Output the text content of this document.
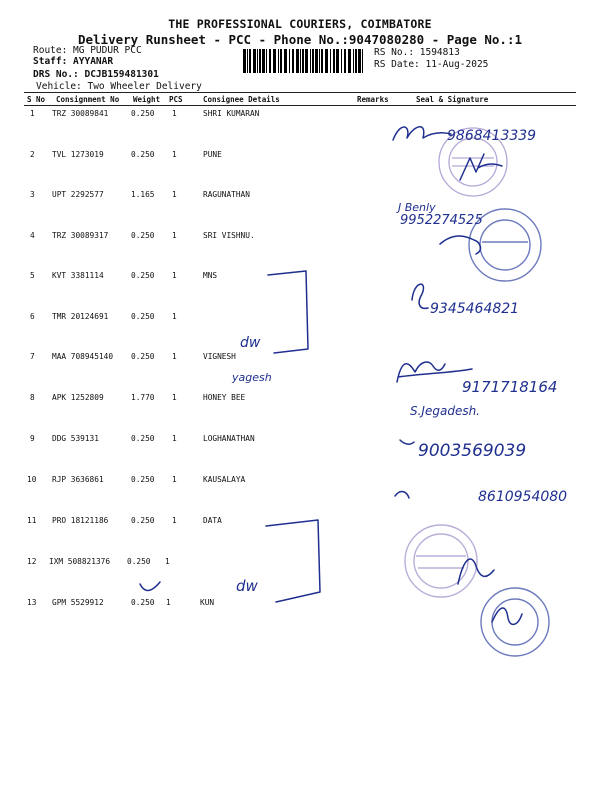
THE PROFESSIONAL COURIERS, COIMBATORE
Delivery Runsheet - PCC - Phone No.:9047080280 - Page No.:1
Route: MG PUDUR PCC
Staff: AYYANAR
DRS No.: DCJB159481301
Vehicle: Two Wheeler Delivery
RS No.: 1594813
RS Date: 11-Aug-2025
S No Consignment No Weight PCS	Consignee Details	Remarks	Seal & Signature
1 TRZ 30089841	0.250 1	SHRI KUMARAN
2 TVL 1273019	0.250 1	PUNE
3 UPT 2292577	1.165 1	RAGUNATHAN
4 TRZ 30089317	0.250 1	SRI VISHNU.
5 KVT 3381114	0.250 1	MNS
6 TMR 20124691	0.250 1
7 MAA 708945140 0.250 1	VIGNESH
8 APK 1252809	1.770 1	HONEY BEE
9 DDG 539131	0.250 1	LOGHANATHAN
10 RJP 3636861	0.250 1	KAUSALAYA
11 PRO 18121186	0.250 1	DATA
12 IXM 508821376 0.250 1
13 GPM 5529912	0.250 1	KUN
9868413339
J Benly
9952274525
9345464821
dw
9171718164
yagesh
S.Jegadesh.
9003569039
8610954080
dw
